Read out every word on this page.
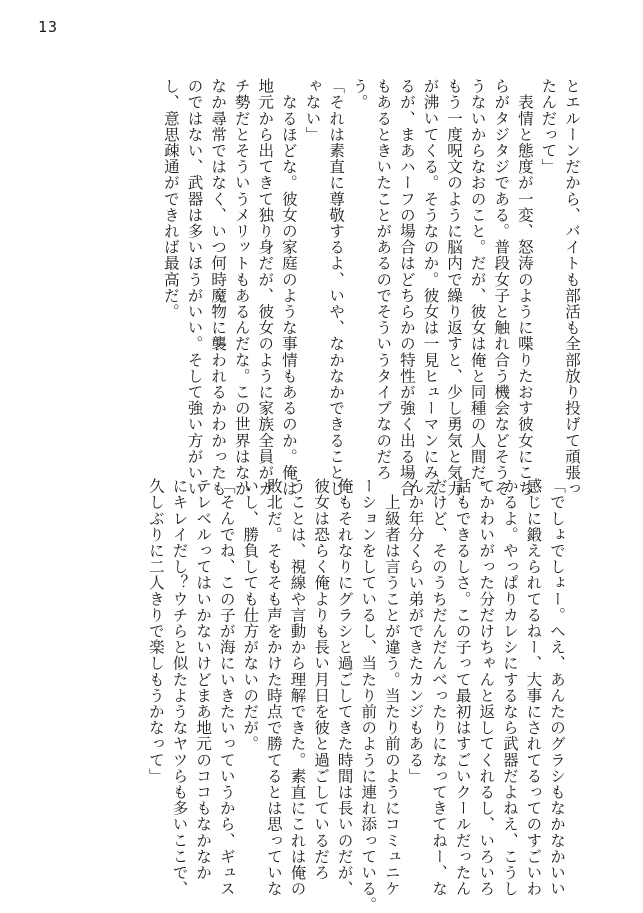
13
とエルーンだから、バイトも部活も全部放り投げて頑張っ
たんだって」
　表情と態度が一変、怒涛のように喋りたおす彼女にこち
らがタジタジである。普段女子と触れ合う機会などそうそ
うないからなおのこと。だが、彼女は俺と同種の人間だ。
もう一度呪文のように脳内で繰り返すと、少し勇気と気力
が沸いてくる。そうなのか。彼女は一見ヒューマンにみえ
るが、まあハーフの場合はどちらかの特性が強く出る場合
もあるときいたことがあるのでそういうタイプなのだろ
う。
「それは素直に尊敬するよ、いや、なかなかできることじ
ゃない」
　なるほどな。彼女の家庭のような事情もあるのか。俺は
地元から出てきて独り身だが、彼女のように家族全員がガ
チ勢だとそういうメリットもあるんだな。この世界はなか
なか尋常ではなく、いつ何時魔物に襲われるかわかったも
のではない、武器は多いほうがいい。そして強い方がいい
し、意思疎通ができれば最高だ。
「でしょでしょー。へえ、あんたのグラシもなかなかいい
感じに鍛えられてるねー、大事にされてるってのすごいわ
かるよ。やっぱりカレシにするなら武器だよねえ、こうし
てかわいがった分だけちゃんと返してくれるし、いろいろ
話もできるしさ。この子って最初はすごいクールだったん
だけど、そのうちだんだんべったりになってきてねー、な
んか年分くらい弟ができたカンジもある」
　上級者は言うことが違う。当たり前のようにコミュニケ
ーションをしているし、当たり前のように連れ添っている。
俺もそれなりにグラシと過ごしてきた時間は長いのだが、
彼女は恐らく俺よりも長い月日を彼と過ごしているだろ
うことは、視線や言動から理解できた。素直にこれは俺の
敗北だ。そもそも声をかけた時点で勝てるとは思っていな
いし、勝負しても仕方がないのだが。
「そんでね、この子が海にいきたいっていうから、ギュス
テレベルってはいかないけどまあ地元のココもなかなか
にキレイだし？ウチらと似たようなヤツらも多いここで、
久しぶりに二人きりで楽しもうかなって」
